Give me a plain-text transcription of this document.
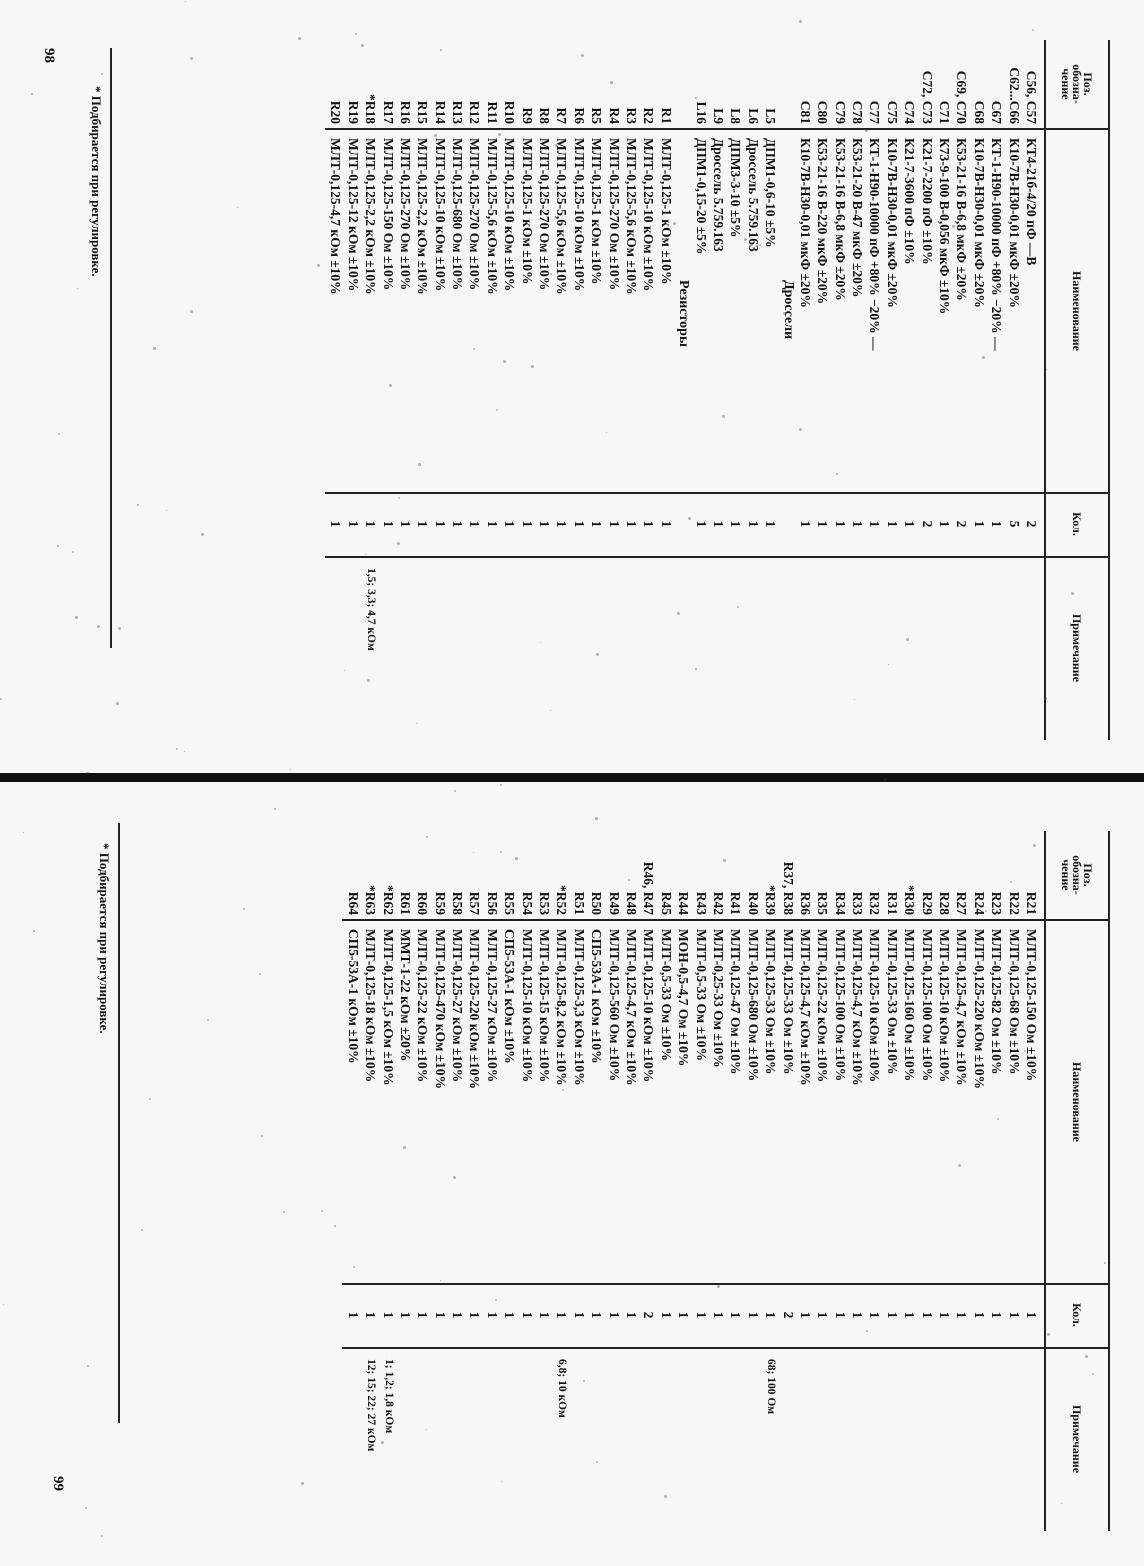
98
Поз.
обозна-
чение
Наименование
Кол.
Примечание
C56, C57
КТ4-21б-4/20 пФ —В
2
C62...C66
К10-7В-Н30-0,01 мкФ ±20%
5
C67
КТ-1-Н90-10000 пФ +80% −20% —
1
C68
К10-7В-Н30-0,01 мкФ ±20%
1
C69, C70
К53-21-16 В-6,8 мкФ ±20%
2
C71
К73-9-100 В-0,056 мкФ ±10%
1
C72, C73
К21-7-2200 пФ ±10%
2
C74
К21-7-3600 пФ ±10%
1
C75
К10-7В-Н30-0,01 мкФ ±20%
1
C77
КТ-1-Н90-10000 пФ +80% −20% —
1
C78
К53-21-20 В-47 мкФ ±20%
1
C79
К53-21-16 В-6,8 мкФ ±20%
1
C80
К53-21-16 В-220 мкФ ±20%
1
C81
К10-7В-Н30-0,01 мкФ ±20%
1
Дроссели
L5
ДПМ1-0,6-10 ±5%
1
L6
Дроссель 5.759.163
1
L8
ДПМ3-3-10 ±5%
1
L9
Дроссель 5.759.163
1
L16
ДПМ1-0,15-20 ±5%
1
Резисторы
R1
МЛТ-0,125-1 кОм ±10%
1
R2
МЛТ-0,125-10 кОм ±10%
1
R3
МЛТ-0,125-5,6 кОм ±10%
1
R4
МЛТ-0,125-270 Ом ±10%
1
R5
МЛТ-0,125-1 кОм ±10%
1
R6
МЛТ-0,125-10 кОм ±10%
1
R7
МЛТ-0,125-5,6 кОм ±10%
1
R8
МЛТ-0,125-270 Ом ±10%
1
R9
МЛТ-0,125-1 кОм ±10%
1
R10
МЛТ-0,125-10 кОм ±10%
1
R11
МЛТ-0,125-5,6 кОм ±10%
1
R12
МЛТ-0,125-270 Ом ±10%
1
R13
МЛТ-0,125-680 Ом ±10%
1
R14
МЛТ-0,125-10 кОм ±10%
1
R15
МЛТ-0,125-2,2 кОм ±10%
1
R16
МЛТ-0,125-270 Ом ±10%
1
R17
МЛТ-0,125-150 Ом ±10%
1
*R18
МЛТ-0,125-2,2 кОм ±10%
1
1,5; 3,3; 4,7 кОм
R19
МЛТ-0,125-12 кОм ±10%
1
R20
МЛТ-0,125-4,7 кОм ±10%
1
* Подбирается при регулировке.
Поз.
обозна-
чение
Наименование
Кол.
Примечание
R21
МЛТ-0,125-150 Ом ±10%
1
R22
МЛТ-0,125-68 Ом ±10%
1
R23
МЛТ-0,125-82 Ом ±10%
1
R24
МЛТ-0,125-220 кОм ±10%
1
R27
МЛТ-0,125-4,7 кОм ±10%
1
R28
МЛТ-0,125-10 кОм ±10%
1
R29
МЛТ-0,125-100 Ом ±10%
1
*R30
МЛТ-0,125-160 Ом ±10%
1
R31
МЛТ-0,125-33 Ом ±10%
1
R32
МЛТ-0,125-10 кОм ±10%
1
R33
МЛТ-0,125-4,7 кОм ±10%
1
R34
МЛТ-0,125-100 Ом ±10%
1
R35
МЛТ-0,125-22 кОм ±10%
1
R36
МЛТ-0,125-4,7 кОм ±10%
1
R37, R38
МЛТ-0,125-33 Ом ±10%
2
*R39
МЛТ-0,125-33 Ом ±10%
1
68; 100 Ом
R40
МЛТ-0,125-680 Ом ±10%
1
R41
МЛТ-0,125-47 Ом ±10%
1
R42
МЛТ-0,25-33 Ом ±10%
1
R43
МЛТ-0,5-33 Ом ±10%
1
R44
МОН-0,5-4,7 Ом ±10%
1
R45
МЛТ-0,5-33 Ом ±10%
1
R46, R47
МЛТ-0,125-10 кОм ±10%
2
R48
МЛТ-0,125-4,7 кОм ±10%
1
R49
МЛТ-0,125-560 Ом ±10%
1
R50
СП5-53А-1 кОм ±10%
1
R51
МЛТ-0,125-3,3 кОм ±10%
1
*R52
МЛТ-0,125-8,2 кОм ±10%
1
6,8; 10 кОм
R53
МЛТ-0,125-15 кОм ±10%
1
R54
МЛТ-0,125-10 кОм ±10%
1
R55
СП5-53А-1 кОм ±10%
1
R56
МЛТ-0,125-27 кОм ±10%
1
R57
МЛТ-0,125-220 кОм ±10%
1
R58
МЛТ-0,125-27 кОм ±10%
1
R59
МЛТ-0,125-470 кОм ±10%
1
R60
МЛТ-0,125-22 кОм ±10%
1
R61
ММТ-1-22 кОм ±20%
1
*R62
МЛТ-0,125-1,5 кОм ±10%
1
1; 1,2; 1,8 кОм
*R63
МЛТ-0,125-18 кОм ±10%
1
12; 15; 22; 27 кОм
R64
СП5-53А-1 кОм ±10%
1
* Подбирается при регулировке.
99
